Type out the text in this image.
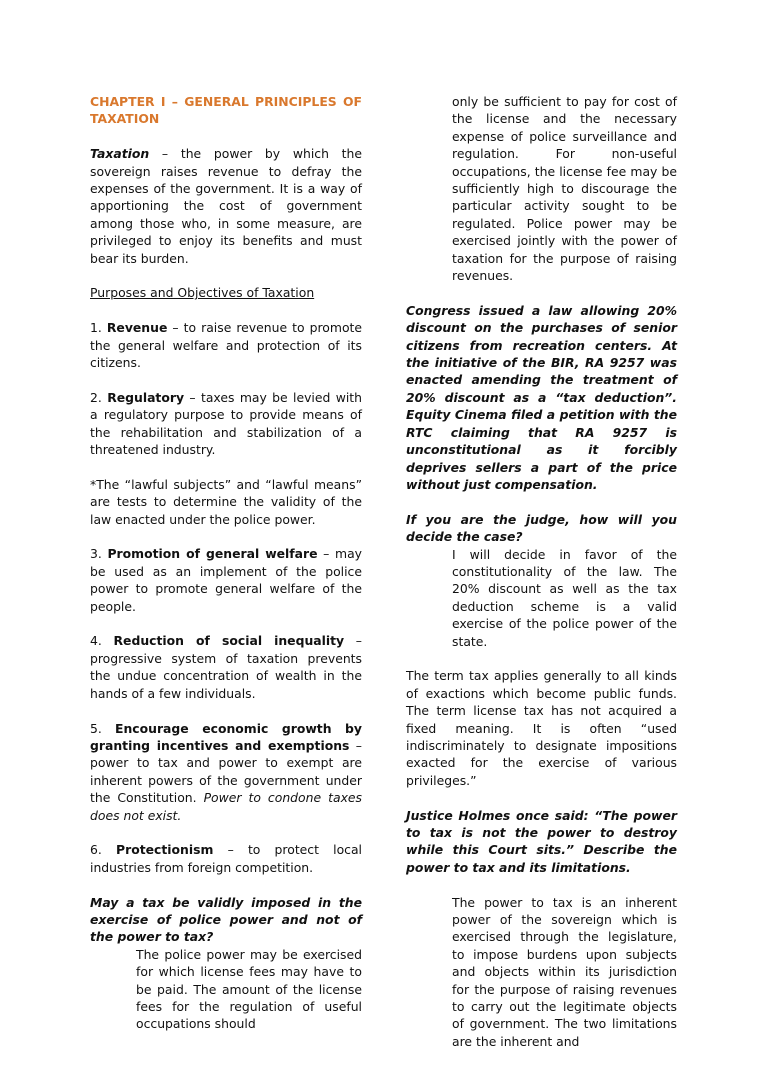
CHAPTER I – GENERAL PRINCIPLES OF TAXATION

Taxation – the power by which the sovereign raises revenue to defray the expenses of the government. It is a way of apportioning the cost of government among those who, in some measure, are privileged to enjoy its benefits and must bear its burden.

Purposes and Objectives of Taxation

1. Revenue – to raise revenue to promote the general welfare and protection of its citizens.

2. Regulatory – taxes may be levied with a regulatory purpose to provide means of the rehabilitation and stabilization of a threatened industry.

*The “lawful subjects” and “lawful means” are tests to determine the validity of the law enacted under the police power.

3. Promotion of general welfare – may be used as an implement of the police power to promote general welfare of the people.

4. Reduction of social inequality – progressive system of taxation prevents the undue concentration of wealth in the hands of a few individuals.

5. Encourage economic growth by granting incentives and exemptions – power to tax and power to exempt are inherent powers of the government under the Constitution. Power to condone taxes does not exist.

6. Protectionism – to protect local industries from foreign competition.

May a tax be validly imposed in the exercise of police power and not of the power to tax?

The police power may be exercised for which license fees may have to be paid. The amount of the license fees for the regulation of useful occupations should

only be sufficient to pay for cost of the license and the necessary expense of police surveillance and regulation. For non-useful occupations, the license fee may be sufficiently high to discourage the particular activity sought to be regulated. Police power may be exercised jointly with the power of taxation for the purpose of raising revenues.

Congress issued a law allowing 20% discount on the purchases of senior citizens from recreation centers. At the initiative of the BIR, RA 9257 was enacted amending the treatment of 20% discount as a “tax deduction”. Equity Cinema filed a petition with the RTC claiming that RA 9257 is unconstitutional as it forcibly deprives sellers a part of the price without just compensation.

If you are the judge, how will you decide the case?

I will decide in favor of the constitutionality of the law. The 20% discount as well as the tax deduction scheme is a valid exercise of the police power of the state.

The term tax applies generally to all kinds of exactions which become public funds. The term license tax has not acquired a fixed meaning. It is often “used indiscriminately to designate impositions exacted for the exercise of various privileges.”

Justice Holmes once said: “The power to tax is not the power to destroy while this Court sits.” Describe the power to tax and its limitations.

The power to tax is an inherent power of the sovereign which is exercised through the legislature, to impose burdens upon subjects and objects within its jurisdiction for the purpose of raising revenues to carry out the legitimate objects of government. The two limitations are the inherent and
